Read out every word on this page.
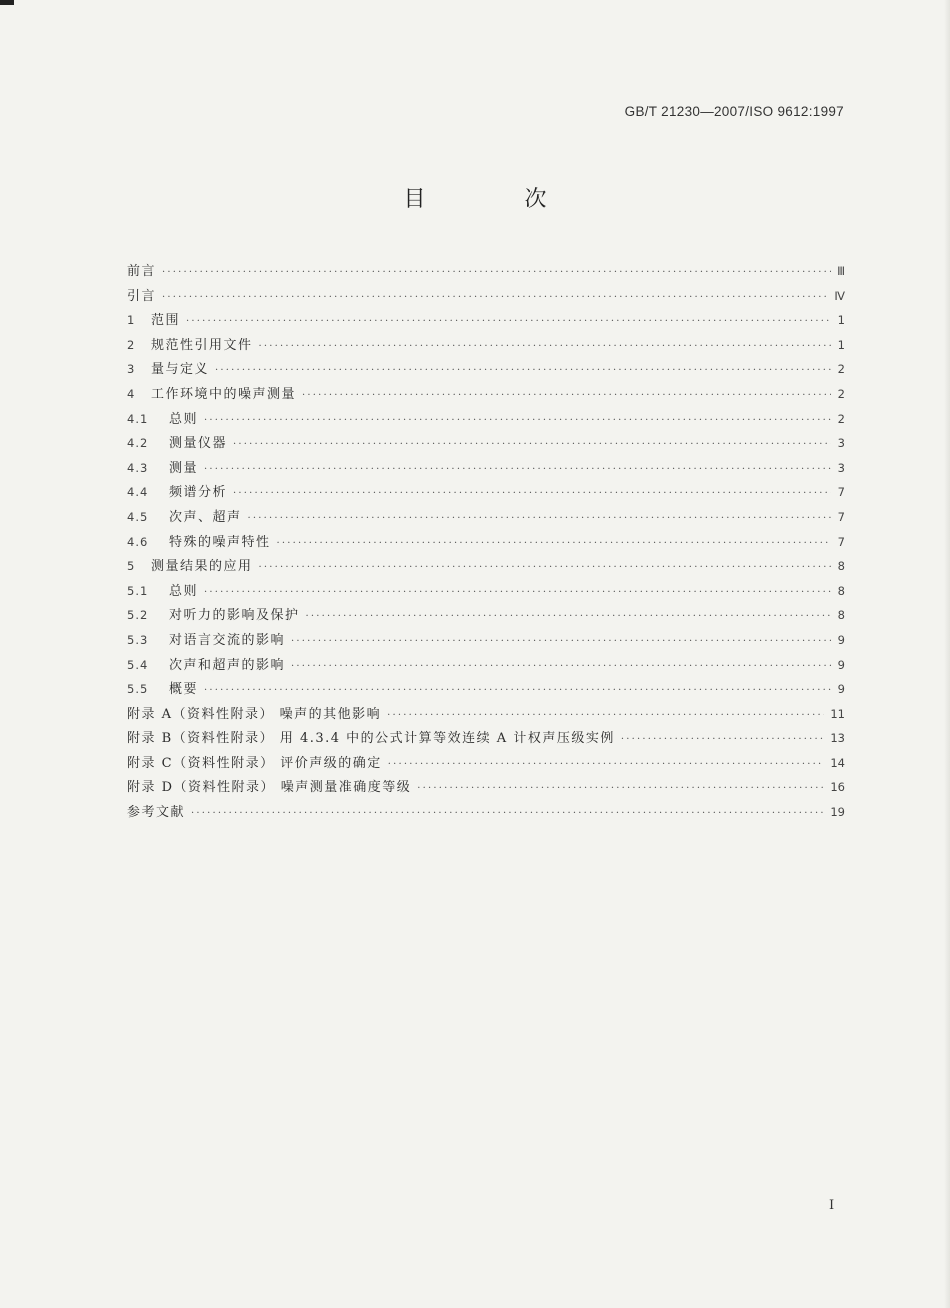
GB/T 21230—2007/ISO 9612:1997
目 次
前言 ·····	Ⅲ
引言 ·····	Ⅳ
1	范围 ·····	1
2	规范性引用文件 ·····	1
3	量与定义 ·····	2
4	工作环境中的噪声测量 ·····	2
4.1	总则 ·····	2
4.2	测量仪器 ·····	3
4.3	测量 ·····	3
4.4	频谱分析 ·····	7
4.5	次声、超声 ·····	7
4.6	特殊的噪声特性 ·····	7
5	测量结果的应用 ·····	8
5.1	总则 ·····	8
5.2	对听力的影响及保护 ·····	8
5.3	对语言交流的影响 ·····	9
5.4	次声和超声的影响 ·····	9
5.5	概要 ·····	9
附录 A（资料性附录） 噪声的其他影响 ·····	11
附录 B（资料性附录） 用 4.3.4 中的公式计算等效连续 A 计权声压级实例 ·····	13
附录 C（资料性附录） 评价声级的确定 ·····	14
附录 D（资料性附录） 噪声测量准确度等级 ·····	16
参考文献 ·····	19
I
